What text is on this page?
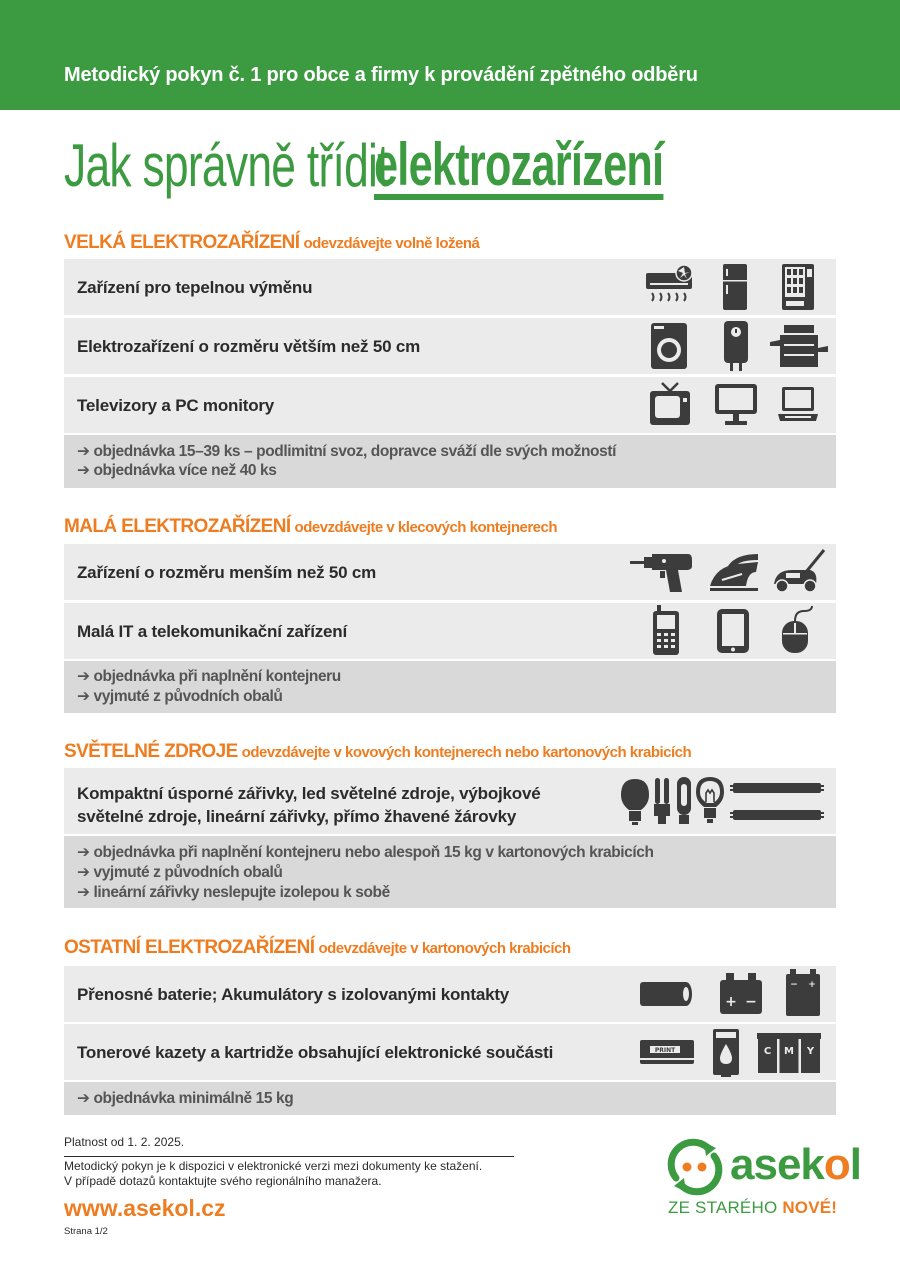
Metodický pokyn č. 1 pro obce a firmy k provádění zpětného odběru
Jak správně třídit
elektrozařízení
VELKÁ ELEKTROZAŘÍZENÍ odevzdávejte volně ložená
Zařízení pro tepelnou výměnu
Elektrozařízení o rozměru větším než 50 cm
Televizory a PC monitory
➔ objednávka 15–39 ks – podlimitní svoz, dopravce sváží dle svých možností
➔ objednávka více než 40 ks
MALÁ ELEKTROZAŘÍZENÍ odevzdávejte v klecových kontejnerech
Zařízení o rozměru menším než 50 cm
Malá IT a telekomunikační zařízení
➔ objednávka při naplnění kontejneru
➔ vyjmuté z původních obalů
SVĚTELNÉ ZDROJE odevzdávejte v kovových kontejnerech nebo kartonových krabicích
Kompaktní úsporné zářivky, led světelné zdroje, výbojkové
světelné zdroje, lineární zářivky, přímo žhavené žárovky
➔ objednávka při naplnění kontejneru nebo alespoň 15 kg v kartonových krabicích
➔ vyjmuté z původních obalů
➔ lineární zářivky neslepujte izolepou k sobě
OSTATNÍ ELEKTROZAŘÍZENÍ odevzdávejte v kartonových krabicích
Přenosné baterie; Akumulátory s izolovanými kontakty	+ −
− +
Tonerové kazety a kartridže obsahující elektronické součásti	PRINT	C M Y
➔ objednávka minimálně 15 kg
Platnost od 1. 2. 2025.
Metodický pokyn je k dispozici v elektronické verzi mezi dokumenty ke stažení.
V případě dotazů kontaktujte svého regionálního manažera.
www.asekol.cz
Strana 1/2
asekol
ZE STARÉHO NOVÉ!
